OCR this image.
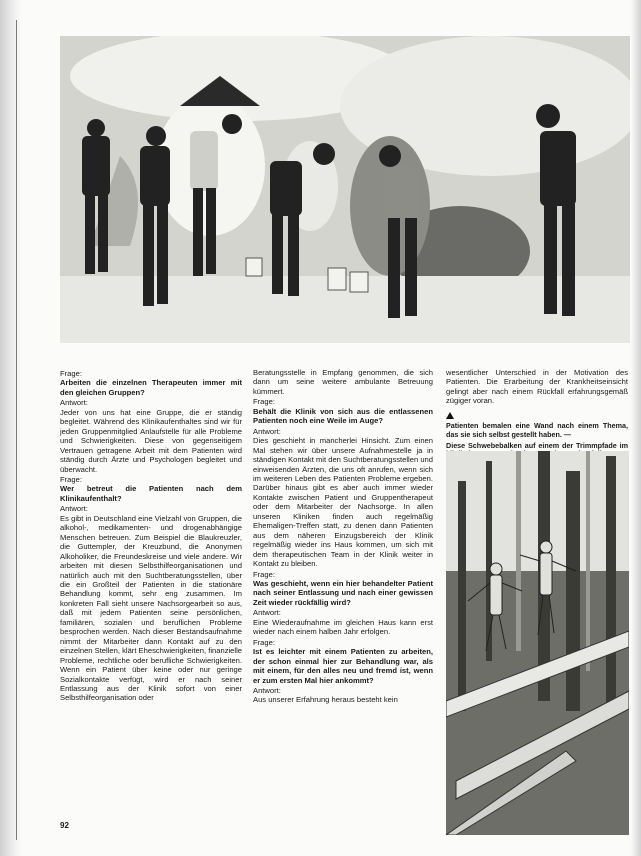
Frage:

Arbeiten die einzelnen Therapeuten immer mit den gleichen Gruppen?

Antwort:

Jeder von uns hat eine Gruppe, die er ständig begleitet. Während des Klinikaufenthaltes sind wir für jeden Gruppenmitglied Anlaufstelle für alle Probleme und Schwierigkeiten. Diese von gegenseitigem Vertrauen getragene Arbeit mit dem Patienten wird ständig durch Ärzte und Psychologen begleitet und überwacht.

Frage:

Wer betreut die Patienten nach dem Klinikaufenthalt?

Antwort:

Es gibt in Deutschland eine Vielzahl von Gruppen, die alkohol-, medikamenten- und drogenabhängige Menschen betreuen. Zum Beispiel die Blaukreuzler, die Guttempler, der Kreuzbund, die Anonymen Alkoholiker, die Freundeskreise und viele andere. Wir arbeiten mit diesen Selbsthilfeorganisationen und natürlich auch mit den Suchtberatungsstellen, über die ein Großteil der Patienten in die stationäre Behandlung kommt, sehr eng zusammen. Im konkreten Fall sieht unsere Nachsorgearbeit so aus, daß mit jedem Patienten seine persönlichen, familiären, sozialen und beruflichen Probleme besprochen werden. Nach dieser Bestandsaufnahme nimmt der Mitarbeiter dann Kontakt auf zu den einzelnen Stellen, klärt Eheschwierigkeiten, finanzielle Probleme, rechtliche oder berufliche Schwierigkeiten. Wenn ein Patient über keine oder nur geringe Sozialkontakte verfügt, wird er nach seiner Entlassung aus der Klinik sofort von einer Selbsthilfeorganisation oder

Beratungsstelle in Empfang genommen, die sich dann um seine weitere ambulante Betreuung kümmert.

Frage:

Behält die Klinik von sich aus die entlassenen Patienten noch eine Weile im Auge?

Antwort:

Dies geschieht in mancherlei Hinsicht. Zum einen Mal stehen wir über unsere Aufnahmestelle ja in ständigen Kontakt mit den Suchtberatungsstellen und einweisenden Ärzten, die uns oft anrufen, wenn sich im weiteren Leben des Patienten Probleme ergeben. Darüber hinaus gibt es aber auch immer wieder Kontakte zwischen Patient und Gruppentherapeut oder dem Mitarbeiter der Nachsorge. In allen unseren Kliniken finden auch regelmäßig Ehemaligen-Treffen statt, zu denen dann Patienten aus dem näheren Einzugsbereich der Klinik regelmäßig wieder ins Haus kommen, um sich mit dem therapeutischen Team in der Klinik weiter in Kontakt zu bleiben.

Frage:

Was geschieht, wenn ein hier behandelter Patient nach seiner Entlassung und nach einer gewissen Zeit wieder rückfällig wird?

Antwort:

Eine Wiederaufnahme im gleichen Haus kann erst wieder nach einem halben Jahr erfolgen.

Frage:

Ist es leichter mit einem Patienten zu arbeiten, der schon einmal hier zur Behandlung war, als mit einem, für den alles neu und fremd ist, wenn er zum ersten Mal hier ankommt?

Antwort:

Aus unserer Erfahrung heraus besteht kein

wesentlicher Unterschied in der Motivation des Patienten. Die Erarbeitung der Krankheitseinsicht gelingt aber nach einem Rückfall erfahrungsgemäß zügiger voran.

Patienten bemalen eine Wand nach einem Thema, das sie sich selbst gestellt haben. —

Diese Schwebebalken auf einem der Trimmpfade im

92
